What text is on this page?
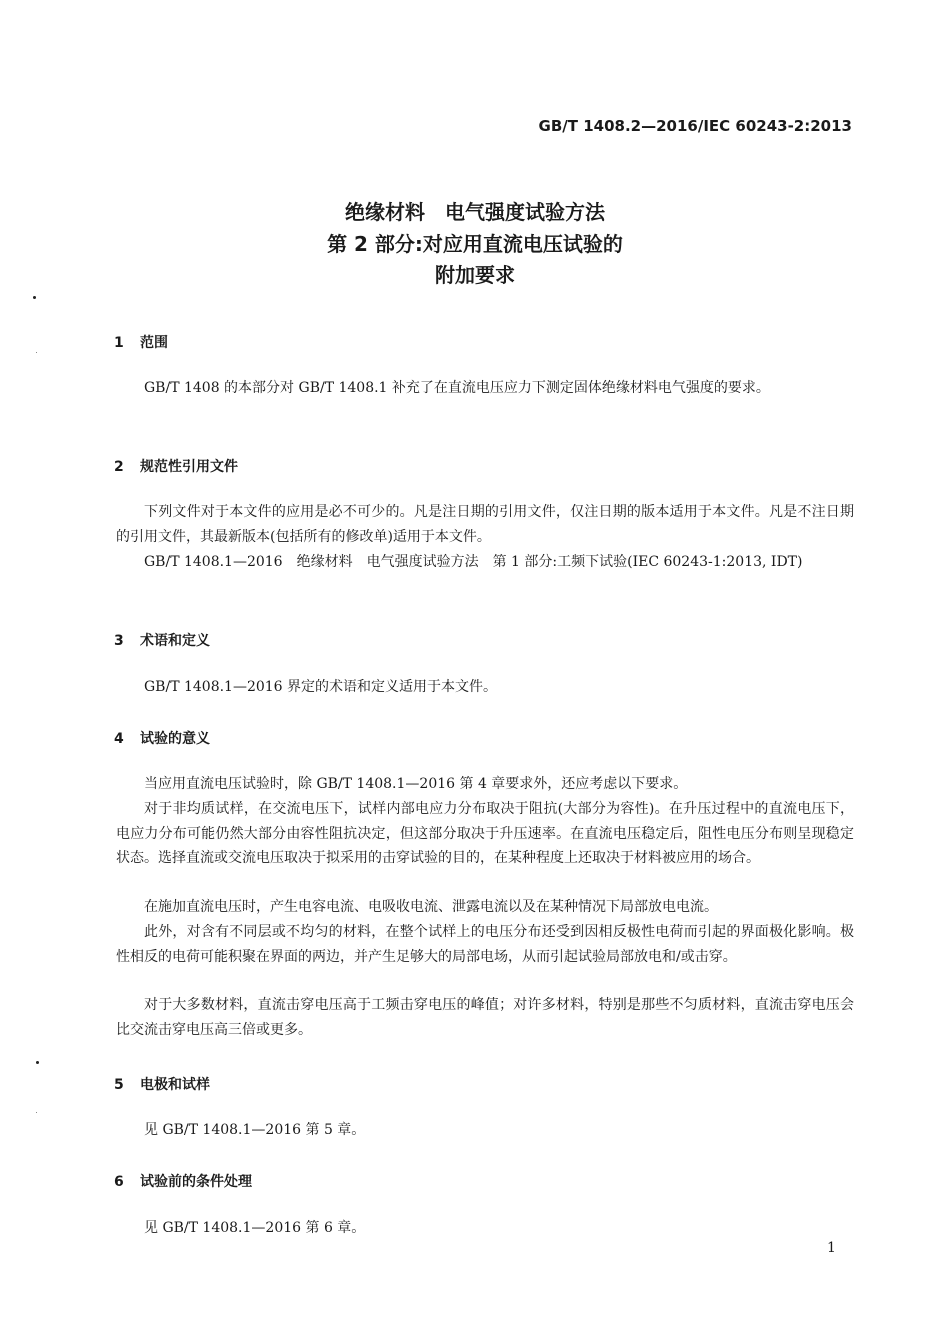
GB/T 1408.2—2016/IEC 60243-2:2013
绝缘材料　电气强度试验方法
第 2 部分:对应用直流电压试验的
附加要求
1 范围
GB/T 1408 的本部分对 GB/T 1408.1 补充了在直流电压应力下测定固体绝缘材料电气强度的要求。
2 规范性引用文件
下列文件对于本文件的应用是必不可少的。凡是注日期的引用文件，仅注日期的版本适用于本文件。凡是不注日期的引用文件，其最新版本(包括所有的修改单)适用于本文件。
GB/T 1408.1—2016　绝缘材料　电气强度试验方法　第 1 部分:工频下试验(IEC 60243-1:2013, IDT)
3 术语和定义
GB/T 1408.1—2016 界定的术语和定义适用于本文件。
4 试验的意义
当应用直流电压试验时，除 GB/T 1408.1—2016 第 4 章要求外，还应考虑以下要求。
对于非均质试样，在交流电压下，试样内部电应力分布取决于阻抗(大部分为容性)。在升压过程中的直流电压下，电应力分布可能仍然大部分由容性阻抗决定，但这部分取决于升压速率。在直流电压稳定后，阻性电压分布则呈现稳定状态。选择直流或交流电压取决于拟采用的击穿试验的目的，在某种程度上还取决于材料被应用的场合。
在施加直流电压时，产生电容电流、电吸收电流、泄露电流以及在某种情况下局部放电电流。
此外，对含有不同层或不均匀的材料，在整个试样上的电压分布还受到因相反极性电荷而引起的界面极化影响。极性相反的电荷可能积聚在界面的两边，并产生足够大的局部电场，从而引起试验局部放电和/或击穿。
对于大多数材料，直流击穿电压高于工频击穿电压的峰值；对许多材料，特别是那些不匀质材料，直流击穿电压会比交流击穿电压高三倍或更多。
5 电极和试样
见 GB/T 1408.1—2016 第 5 章。
6 试验前的条件处理
见 GB/T 1408.1—2016 第 6 章。
1
